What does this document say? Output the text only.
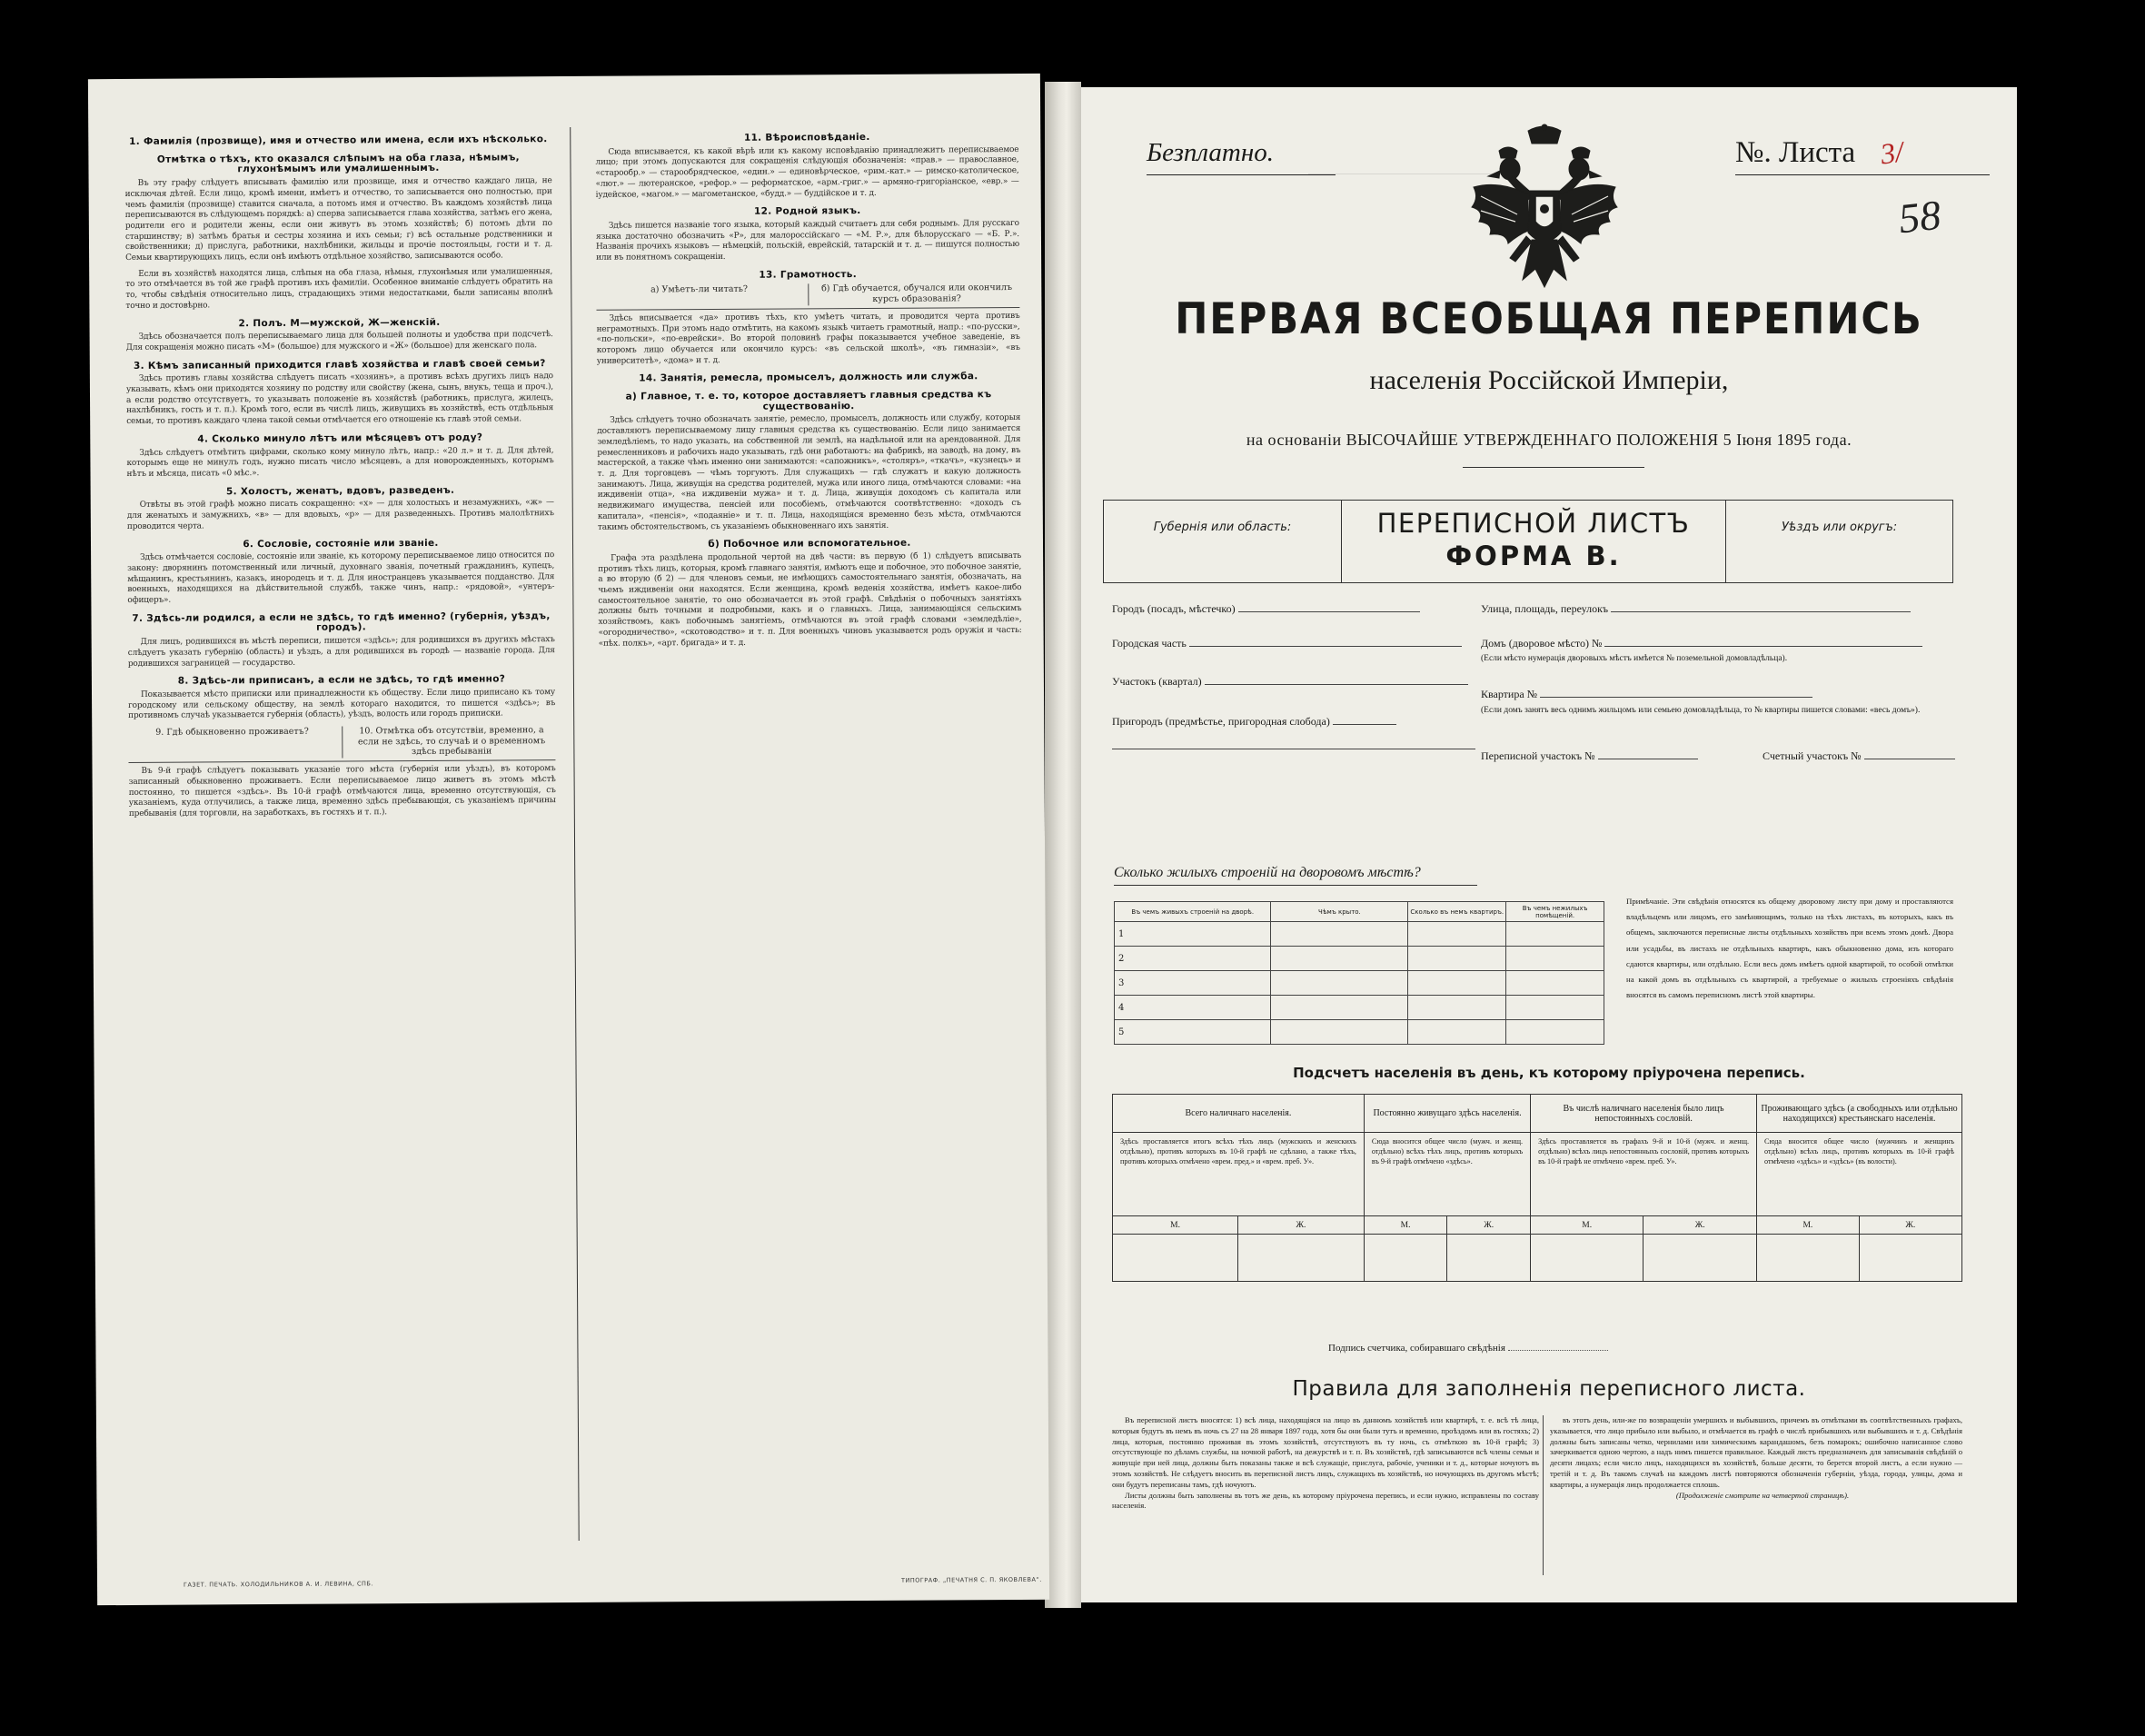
1. Фамилія (прозвище), имя и отчество или имена, если ихъ нѣсколько.
Отмѣтка о тѣхъ, кто оказался слѣпымъ на оба глаза, нѣмымъ, глухонѣмымъ или умалишеннымъ.

Въ эту графу слѣдуетъ вписывать фамилію или прозвище, имя и отчество каждаго лица, не исключая дѣтей. Если лицо, кромѣ имени, имѣетъ и отчество, то записывается оно полностью, при чемъ фамилія (прозвище) ставится сначала, а потомъ имя и отчество. Въ каждомъ хозяйствѣ лица переписываются въ слѣдующемъ порядкѣ: а) сперва записывается глава хозяйства, затѣмъ его жена, родители его и родители жены, если они живутъ въ этомъ хозяйствѣ; б) потомъ дѣти по старшинству; в) затѣмъ братья и сестры хозяина и ихъ семьи; г) всѣ остальные родственники и свойственники; д) прислуга, работники, нахлѣбники, жильцы и прочіе постояльцы, гости и т. д. Семьи квартирующихъ лицъ, если онѣ имѣютъ отдѣльное хозяйство, записываются особо.

Если въ хозяйствѣ находятся лица, слѣпыя на оба глаза, нѣмыя, глухонѣмыя или умалишенныя, то это отмѣчается въ той же графѣ противъ ихъ фамиліи. Особенное вниманіе слѣдуетъ обратить на то, чтобы свѣдѣнія относительно лицъ, страдающихъ этими недостатками, были записаны вполнѣ точно и достовѣрно.

2. Полъ. М—мужской, Ж—женскій.

Здѣсь обозначается полъ переписываемаго лица для большей полноты и удобства при подсчетѣ. Для сокращенія можно писать «М» (большое) для мужского и «Ж» (большое) для женскаго пола.

3. Кѣмъ записанный приходится главѣ хозяйства и главѣ своей семьи?

Здѣсь противъ главы хозяйства слѣдуетъ писать «хозяинъ», а противъ всѣхъ другихъ лицъ надо указывать, кѣмъ они приходятся хозяину по родству или свойству (жена, сынъ, внукъ, теща и проч.), а если родство отсутствуетъ, то указывать положеніе въ хозяйствѣ (работникъ, прислуга, жилецъ, нахлѣбникъ, гость и т. п.). Кромѣ того, если въ числѣ лицъ, живущихъ въ хозяйствѣ, есть отдѣльныя семьи, то противъ каждаго члена такой семьи отмѣчается его отношеніе къ главѣ этой семьи.

4. Сколько минуло лѣтъ или мѣсяцевъ отъ роду?

Здѣсь слѣдуетъ отмѣтить цифрами, сколько кому минуло лѣтъ, напр.: «20 л.» и т. д. Для дѣтей, которымъ еще не минулъ годъ, нужно писать число мѣсяцевъ, а для новорожденныхъ, которымъ нѣтъ и мѣсяца, писать «0 мѣс.».

5. Холостъ, женатъ, вдовъ, разведенъ.

Отвѣты въ этой графѣ можно писать сокращенно: «х» — для холостыхъ и незамужнихъ, «ж» — для женатыхъ и замужнихъ, «в» — для вдовыхъ, «р» — для разведенныхъ. Противъ малолѣтнихъ проводится черта.

6. Сословіе, состояніе или званіе.

Здѣсь отмѣчается сословіе, состояніе или званіе, къ которому переписываемое лицо относится по закону: дворянинъ потомственный или личный, духовнаго званія, почетный гражданинъ, купецъ, мѣщанинъ, крестьянинъ, казакъ, инородецъ и т. д. Для иностранцевъ указывается подданство. Для военныхъ, находящихся на дѣйствительной службѣ, также чинъ, напр.: «рядовой», «унтеръ-офицеръ».

7. Здѣсь-ли родился, а если не здѣсь, то гдѣ именно? (губернія, уѣздъ, городъ).

Для лицъ, родившихся въ мѣстѣ переписи, пишется «здѣсь»; для родившихся въ другихъ мѣстахъ слѣдуетъ указать губернію (область) и уѣздъ, а для родившихся въ городѣ — названіе города. Для родившихся заграницей — государство.

8. Здѣсь-ли приписанъ, а если не здѣсь, то гдѣ именно?

Показывается мѣсто приписки или принадлежности къ обществу. Если лицо приписано къ тому городскому или сельскому обществу, на землѣ котораго находится, то пишется «здѣсь»; въ противномъ случаѣ указывается губернія (область), уѣздъ, волость или городъ приписки.

9. Гдѣ обыкновенно проживаетъ?	10. Отмѣтка объ отсутствіи, временно, а если не здѣсь, то случаѣ и о временномъ здѣсь пребываніи

Въ 9-й графѣ слѣдуетъ показывать указаніе того мѣста (губернія или уѣздъ), въ которомъ записанный обыкновенно проживаетъ. Если переписываемое лицо живетъ въ этомъ мѣстѣ постоянно, то пишется «здѣсь». Въ 10-й графѣ отмѣчаются лица, временно отсутствующія, съ указаніемъ, куда отлучились, а также лица, временно здѣсь пребывающія, съ указаніемъ причины пребыванія (для торговли, на заработкахъ, въ гостяхъ и т. п.).

11. Вѣроисповѣданіе.

Сюда вписывается, къ какой вѣрѣ или къ какому исповѣданію принадлежитъ переписываемое лицо; при этомъ допускаются для сокращенія слѣдующія обозначенія: «прав.» — православное, «старообр.» — старообрядческое, «един.» — единовѣрческое, «рим.-кат.» — римско-католическое, «лют.» — лютеранское, «рефор.» — реформатское, «арм.-григ.» — армяно-григоріанское, «евр.» — іудейское, «магом.» — магометанское, «будд.» — буддійское и т. д.

12. Родной языкъ.

Здѣсь пишется названіе того языка, который каждый считаетъ для себя роднымъ. Для русскаго языка достаточно обозначить «Р», для малороссійскаго — «М. Р.», для бѣлорусскаго — «Б. Р.». Названія прочихъ языковъ — нѣмецкій, польскій, еврейскій, татарскій и т. д. — пишутся полностью или въ понятномъ сокращеніи.

13. Грамотность.
а) Умѣетъ-ли читать?	б) Гдѣ обучается, обучался или окончилъ курсъ образованія?

Здѣсь вписывается «да» противъ тѣхъ, кто умѣетъ читать, и проводится черта противъ неграмотныхъ. При этомъ надо отмѣтить, на какомъ языкѣ читаетъ грамотный, напр.: «по-русски», «по-польски», «по-еврейски». Во второй половинѣ графы показывается учебное заведеніе, въ которомъ лицо обучается или окончило курсъ: «въ сельской школѣ», «въ гимназіи», «въ университетѣ», «дома» и т. д.

14. Занятія, ремесла, промыселъ, должность или служба.
а) Главное, т. е. то, которое доставляетъ главныя средства къ существованію.

Здѣсь слѣдуетъ точно обозначать занятіе, ремесло, промыселъ, должность или службу, которыя доставляютъ переписываемому лицу главныя средства къ существованію. Если лицо занимается земледѣліемъ, то надо указать, на собственной ли землѣ, на надѣльной или на арендованной. Для ремесленниковъ и рабочихъ надо указывать, гдѣ они работаютъ: на фабрикѣ, на заводѣ, на дому, въ мастерской, а также чѣмъ именно они занимаются: «сапожникъ», «столяръ», «ткачъ», «кузнецъ» и т. д. Для торговцевъ — чѣмъ торгуютъ. Для служащихъ — гдѣ служатъ и какую должность занимаютъ. Лица, живущія на средства родителей, мужа или иного лица, отмѣчаются словами: «на иждивеніи отца», «на иждивеніи мужа» и т. д. Лица, живущія доходомъ съ капитала или недвижимаго имущества, пенсіей или пособіемъ, отмѣчаются соотвѣтственно: «доходъ съ капитала», «пенсія», «подаяніе» и т. п. Лица, находящіяся временно безъ мѣста, отмѣчаются такимъ обстоятельствомъ, съ указаніемъ обыкновеннаго ихъ занятія.

б) Побочное или вспомогательное.

Графа эта раздѣлена продольной чертой на двѣ части: въ первую (б 1) слѣдуетъ вписывать противъ тѣхъ лицъ, которыя, кромѣ главнаго занятія, имѣютъ еще и побочное, это побочное занятіе, а во вторую (б 2) — для членовъ семьи, не имѣющихъ самостоятельнаго занятія, обозначать, на чьемъ иждивеніи они находятся. Если женщина, кромѣ веденія хозяйства, имѣетъ какое-либо самостоятельное занятіе, то оно обозначается въ этой графѣ. Свѣдѣнія о побочныхъ занятіяхъ должны быть точными и подробными, какъ и о главныхъ. Лица, занимающіяся сельскимъ хозяйствомъ, какъ побочнымъ занятіемъ, отмѣчаются въ этой графѣ словами «земледѣліе», «огородничество», «скотоводство» и т. п. Для военныхъ чиновъ указывается родъ оружія и часть: «пѣх. полкъ», «арт. бригада» и т. д.

ГАЗЕТ. ПЕЧАТЬ. ХОЛОДИЛЬНИКОВ А. И. ЛЕВИНА, СПБ.
ТИПОГРАФ. „ПЕЧАТНЯ С. П. ЯКОВЛЕВА“.
Безплатно.	№. Листа 3/
58
ПЕРВАЯ ВСЕОБЩАЯ ПЕРЕПИСЬ
населенія Россійской Имперіи,
на основаніи ВЫСОЧАЙШЕ УТВЕРЖДЕННАГО ПОЛОЖЕНІЯ 5 Іюня 1895 года.
Губернія или область:	ПЕРЕПИСНОЙ ЛИСТЪ
ФОРМА В.
Уѣздъ или округъ:
Городъ (посадъ, мѣстечко)
Городская часть
Участокъ (квартал)
Пригородъ (предмѣстье, пригородная слобода)
Улица, площадь, переулокъ
Домъ (дворовое мѣсто) №
(Если мѣсто нумерація дворовыхъ мѣстъ имѣется № поземельной домовладѣльца).
Квартира №
(Если домъ занятъ весь однимъ жильцомъ или семьею домовладѣльца, то № квартиры пишется словами: «весь домъ»).
Переписной участокъ №	Счетный участокъ №
Сколько жилыхъ строеній на дворовомъ мѣстѣ?
Въ чемъ живыхъ строеній на дворѣ.	Чѣмъ крыто.	Сколько въ немъ квартиръ.	Въ чемъ нежилыхъ помѣщеній.
1			
2			
3			
4			
5			
Примѣчаніе. Эти свѣдѣнія относятся къ общему дворовому листу при дому и проставляются владѣльцемъ или лицомъ, его замѣняющимъ, только на тѣхъ листахъ, въ которыхъ, какъ въ общемъ, заключаются переписные листы отдѣльныхъ хозяйствъ при всемъ этомъ домѣ. Двора или усадьбы, въ листахъ не отдѣльныхъ квартиръ, какъ обыкновенно дома, изъ котораго сдаются квартиры, или отдѣльно. Если весь домъ имѣетъ одной квартирой, то особой отмѣтки на какой домъ въ отдѣльныхъ съ квартирой, а требуемые о жилыхъ строеніяхъ свѣдѣнія вносятся въ самомъ переписномъ листѣ этой квартиры.
Подсчетъ населенія въ день, къ которому пріурочена перепись.
Всего наличнаго населенія.		Постоянно живущаго здѣсь населенія.		Въ числѣ наличнаго населенія было лицъ непостоянныхъ сословій.		Проживающаго здѣсь (а свободныхъ или отдѣльно находящихся) крестьянскаго населенія.	
Здѣсь проставляется итогъ всѣхъ тѣхъ лицъ (мужскихъ и женскихъ отдѣльно), противъ которыхъ въ 10-й графѣ не сдѣлано, а также тѣхъ, противъ которыхъ отмѣчено «врем. пред.» и «врем. преб. У».		Сюда вносится общее число (мужч. и женщ. отдѣльно) всѣхъ тѣхъ лицъ, противъ которыхъ въ 9-й графѣ отмѣчено «здѣсь».		Здѣсь проставляется въ графахъ 9-й и 10-й (мужч. и женщ. отдѣльно) всѣхъ лицъ непостоянныхъ сословій, противъ которыхъ въ 10-й графѣ не отмѣчено «врем. преб. У».		Сюда вносится общее число (мужчинъ и женщинъ отдѣльно) всѣхъ лицъ, противъ которыхъ въ 10-й графѣ отмѣчено «здѣсь» и «здѣсь» (въ волости).	
М.	Ж.	М.	Ж.	М.	Ж.	М.	Ж.

Подпись счетчика, собиравшаго свѣдѣнія
Правила для заполненія переписного листа.

Въ переписной листъ вносятся: 1) всѣ лица, находящіяся на лицо въ данномъ хозяйствѣ или квартирѣ, т. е. всѣ тѣ лица, которыя будутъ въ немъ въ ночь съ 27 на 28 января 1897 года, хотя бы они были тутъ и временно, проѣздомъ или въ гостяхъ; 2) лица, которыя, постоянно проживая въ этомъ хозяйствѣ, отсутствуютъ въ ту ночь, съ отмѣткою въ 10-й графѣ; 3) отсутствующіе по дѣламъ службы, на ночной работѣ, на дежурствѣ и т. п. Въ хозяйствѣ, гдѣ записываются всѣ члены семьи и живущіе при ней лица, должны быть показаны также и всѣ служащіе, прислуга, рабочіе, ученики и т. д., которые ночуютъ въ этомъ хозяйствѣ. Не слѣдуетъ вносить въ переписной листъ лицъ, служащихъ въ хозяйствѣ, но ночующихъ въ другомъ мѣстѣ; они будутъ переписаны тамъ, гдѣ ночуютъ.

Листы должны быть заполнены въ тотъ же день, къ которому пріурочена перепись, и если нужно, исправлены по составу населенія.

въ этотъ день, или-же по возвращеніи умершихъ и выбывшихъ, причемъ въ отмѣтками въ соотвѣтственныхъ графахъ, указывается, что лицо прибыло или выбыло, и отмѣчается въ графѣ о числѣ прибывшихъ или выбывшихъ и т. д. Свѣдѣнія должны быть записаны четко, чернилами или химическимъ карандашомъ, безъ помарокъ; ошибочно написанное слово зачеркивается одною чертою, а надъ нимъ пишется правильное. Каждый листъ предназначенъ для записыванія свѣдѣній о десяти лицахъ; если число лицъ, находящихся въ хозяйствѣ, больше десяти, то берется второй листъ, а если нужно — третій и т. д. Въ такомъ случаѣ на каждомъ листѣ повторяются обозначенія губерніи, уѣзда, города, улицы, дома и квартиры, а нумерація лицъ продолжается сплошь.

(Продолженіе смотрите на четвертой страницѣ).
